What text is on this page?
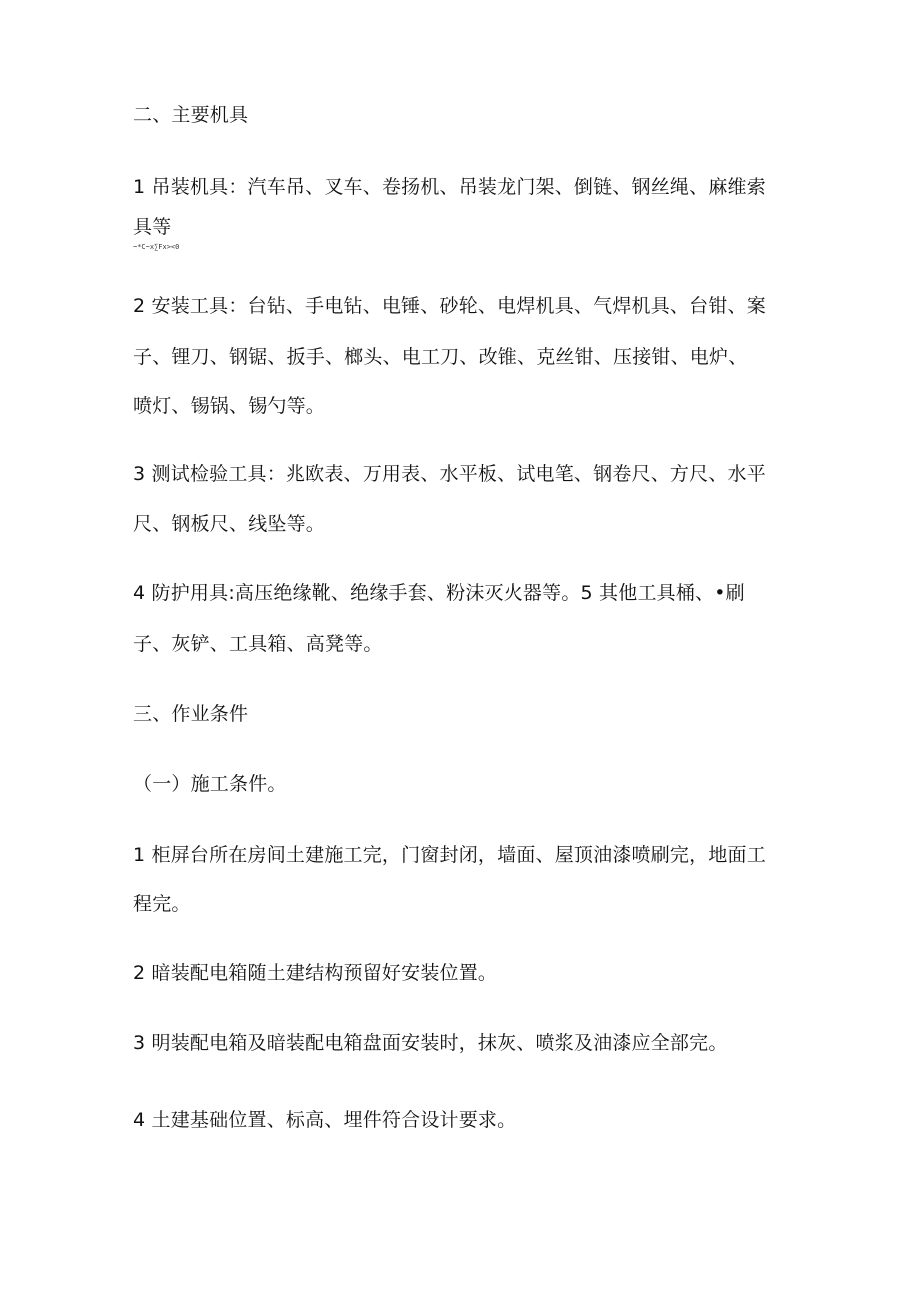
二、主要机具
1 吊装机具：汽车吊、叉车、卷扬机、吊装龙门架、倒链、钢丝绳、麻维索
具等
~*C~x∑Fx><0
2 安装工具：台钻、手电钻、电锤、砂轮、电焊机具、气焊机具、台钳、案
子、锂刀、钢锯、扳手、榔头、电工刀、改锥、克丝钳、压接钳、电炉、
喷灯、锡锅、锡勺等。
3 测试检验工具：兆欧表、万用表、水平板、试电笔、钢卷尺、方尺、水平
尺、钢板尺、线坠等。
4 防护用具:高压绝缘靴、绝缘手套、粉沫灭火器等。5 其他工具桶、•刷
子、灰铲、工具箱、高凳等。
三、作业条件
（一）施工条件。
1 柜屏台所在房间土建施工完，门窗封闭，墙面、屋顶油漆喷刷完，地面工
程完。
2 暗装配电箱随土建结构预留好安装位置。
3 明装配电箱及暗装配电箱盘面安装时，抹灰、喷浆及油漆应全部完。
4 土建基础位置、标高、埋件符合设计要求。
